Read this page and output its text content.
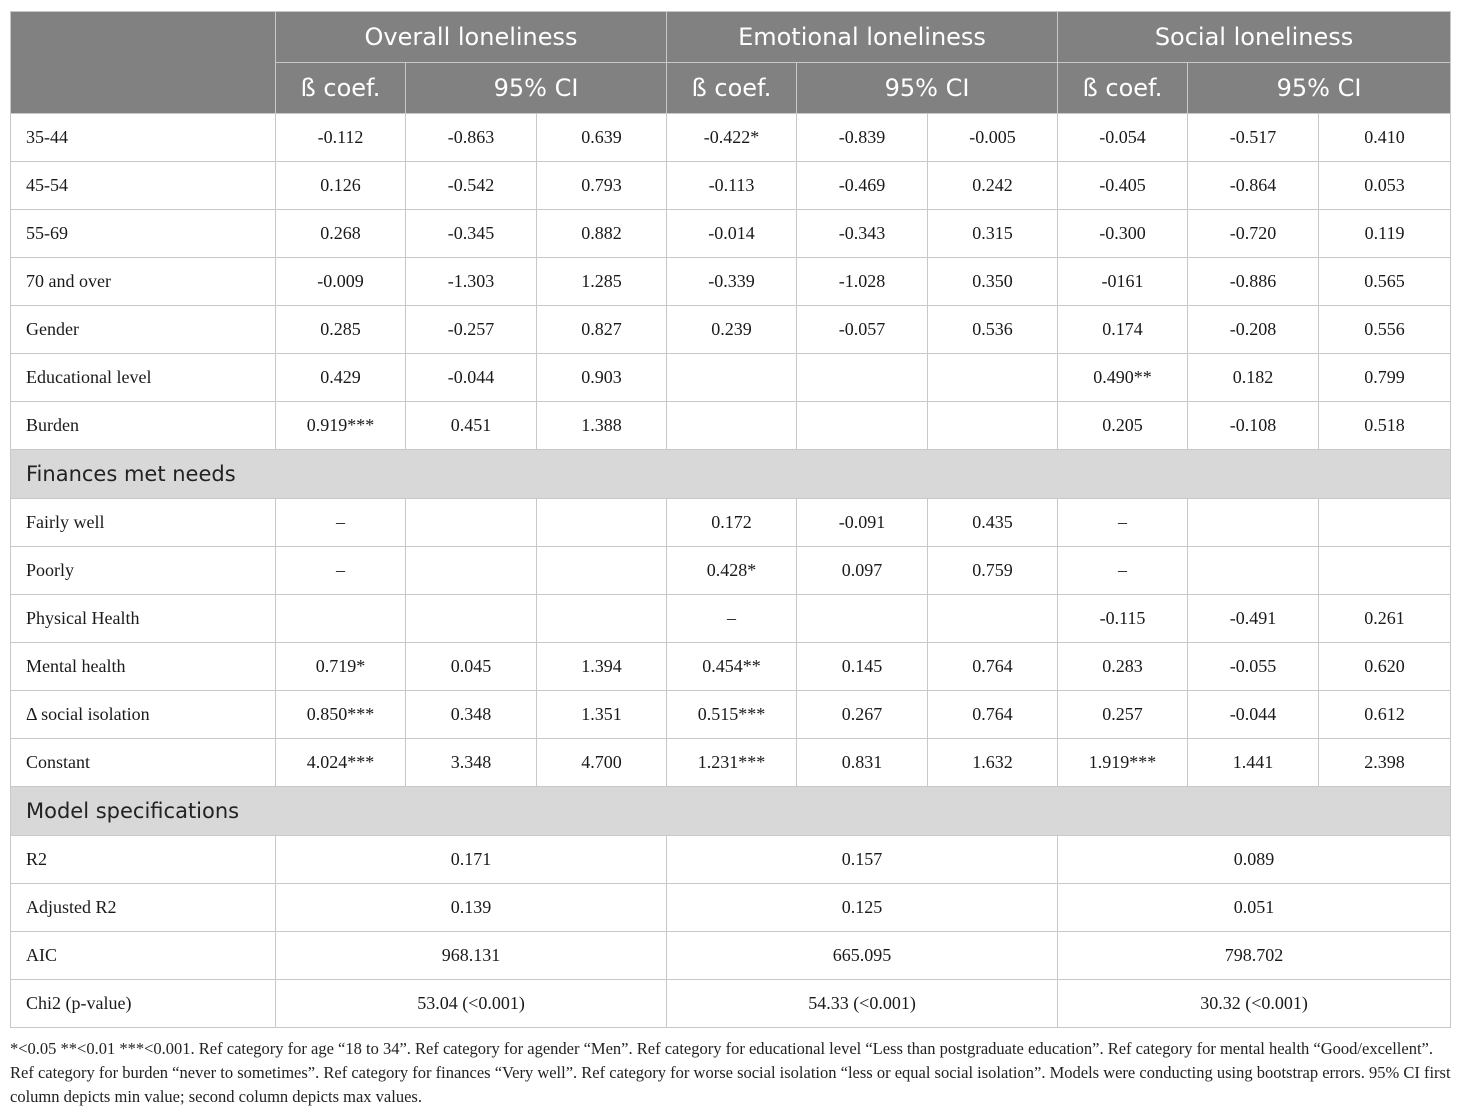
	Overall loneliness			Emotional loneliness			Social loneliness		
	ß coef.	95% CI		ß coef.	95% CI		ß coef.	95% CI	
35-44	-0.112	-0.863	0.639	-0.422*	-0.839	-0.005	-0.054	-0.517	0.410
45-54	0.126	-0.542	0.793	-0.113	-0.469	0.242	-0.405	-0.864	0.053
55-69	0.268	-0.345	0.882	-0.014	-0.343	0.315	-0.300	-0.720	0.119
70 and over	-0.009	-1.303	1.285	-0.339	-1.028	0.350	-0161	-0.886	0.565
Gender	0.285	-0.257	0.827	0.239	-0.057	0.536	0.174	-0.208	0.556
Educational level	0.429	-0.044	0.903				0.490**	0.182	0.799
Burden	0.919***	0.451	1.388				0.205	-0.108	0.518
Finances met needs									
Fairly well	–			0.172	-0.091	0.435	–		
Poorly	–			0.428*	0.097	0.759	–		
Physical Health				–			-0.115	-0.491	0.261
Mental health	0.719*	0.045	1.394	0.454**	0.145	0.764	0.283	-0.055	0.620
Δ social isolation	0.850***	0.348	1.351	0.515***	0.267	0.764	0.257	-0.044	0.612
Constant	4.024***	3.348	4.700	1.231***	0.831	1.632	1.919***	1.441	2.398
Model specifications									
R2	0.171			0.157			0.089		
Adjusted R2	0.139			0.125			0.051		
AIC	968.131			665.095			798.702		
Chi2 (p-value)	53.04 (<0.001)			54.33 (<0.001)			30.32 (<0.001)		
*<0.05 **<0.01 ***<0.001. Ref category for age “18 to 34”. Ref category for agender “Men”. Ref category for educational level “Less than postgraduate education”. Ref category for mental health “Good/excellent”. Ref category for burden “never to sometimes”. Ref category for finances “Very well”. Ref category for worse social isolation “less or equal social isolation”. Models were conducting using bootstrap errors. 95% CI first column depicts min value; second column depicts max values.
